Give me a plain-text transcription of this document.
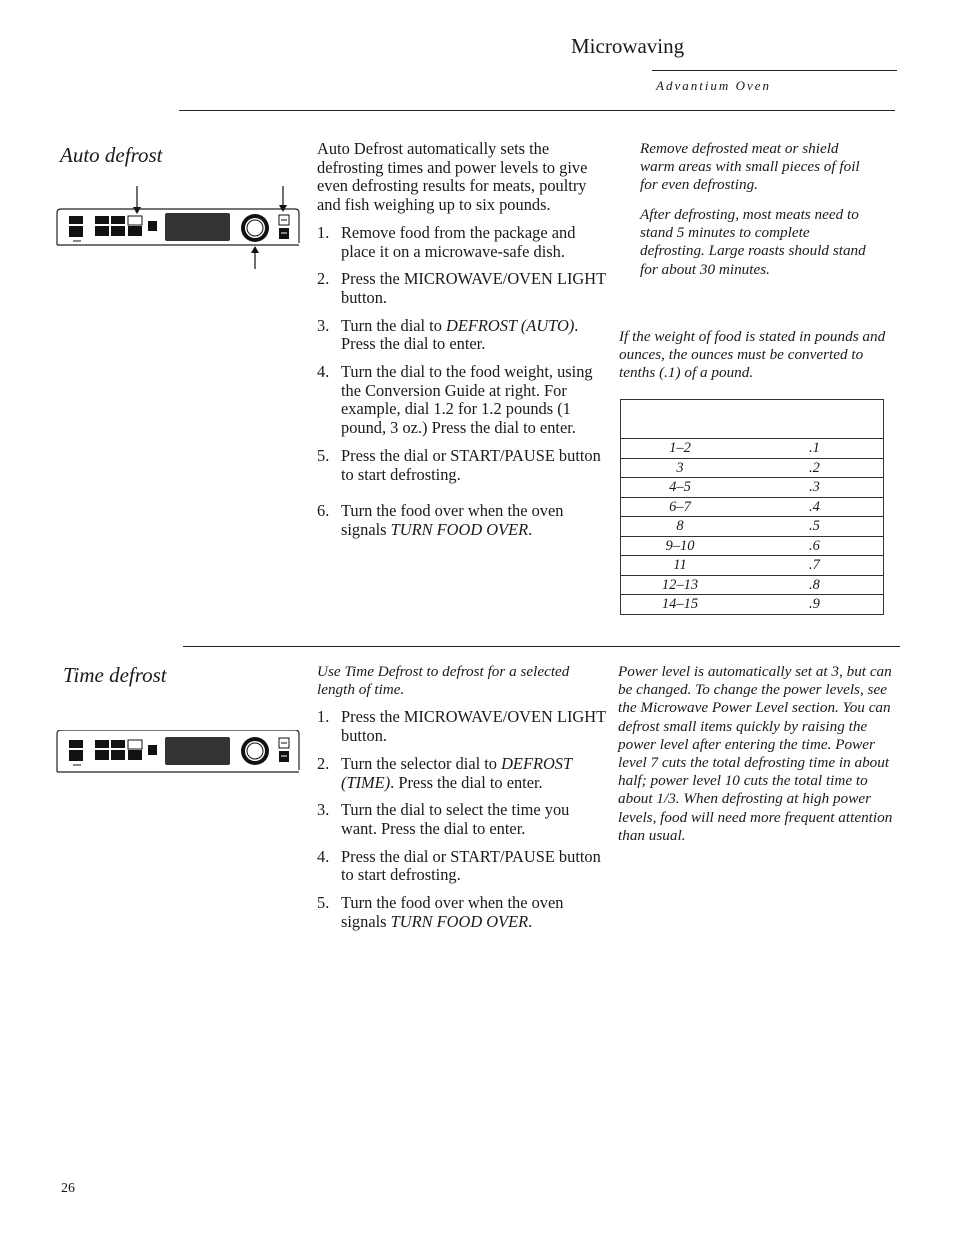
Microwaving
Advantium Oven
Auto defrost	Auto Defrost automatically sets the defrosting times and power levels to give even defrosting results for meats, poultry and fish weighing up to six pounds.
1. Remove food from the package and place it on a microwave-safe dish.
2. Press the MICROWAVE/OVEN LIGHT button.
3. Turn the dial to DEFROST (AUTO). Press the dial to enter.
4. Turn the dial to the food weight, using the Conversion Guide at right. For example, dial 1.2 for 1.2 pounds (1 pound, 3 oz.) Press the dial to enter.
5. Press the dial or START/PAUSE button to start defrosting.
6. Turn the food over when the oven signals TURN FOOD OVER.
Remove defrosted meat or shield warm areas with small pieces of foil for even defrosting.
After defrosting, most meats need to stand 5 minutes to complete defrosting. Large roasts should stand for about 30 minutes.
If the weight of food is stated in pounds and ounces, the ounces must be converted to tenths (.1) of a pound.

1–2	.1
3	.2
4–5	.3
6–7	.4
8	.5
9–10	.6
11	.7
12–13	.8
14–15	.9
Time defrost	Use Time Defrost to defrost for a selected length of time.
1. Press the MICROWAVE/OVEN LIGHT button.
2. Turn the selector dial to DEFROST (TIME). Press the dial to enter.
3. Turn the dial to select the time you want. Press the dial to enter.
4. Press the dial or START/PAUSE button to start defrosting.
5. Turn the food over when the oven signals TURN FOOD OVER.
Power level is automatically set at 3, but can be changed. To change the power levels, see the Microwave Power Level section. You can defrost small items quickly by raising the power level after entering the time. Power level 7 cuts the total defrosting time in about half; power level 10 cuts the total time to about 1/3. When defrosting at high power levels, food will need more frequent attention than usual.
26
